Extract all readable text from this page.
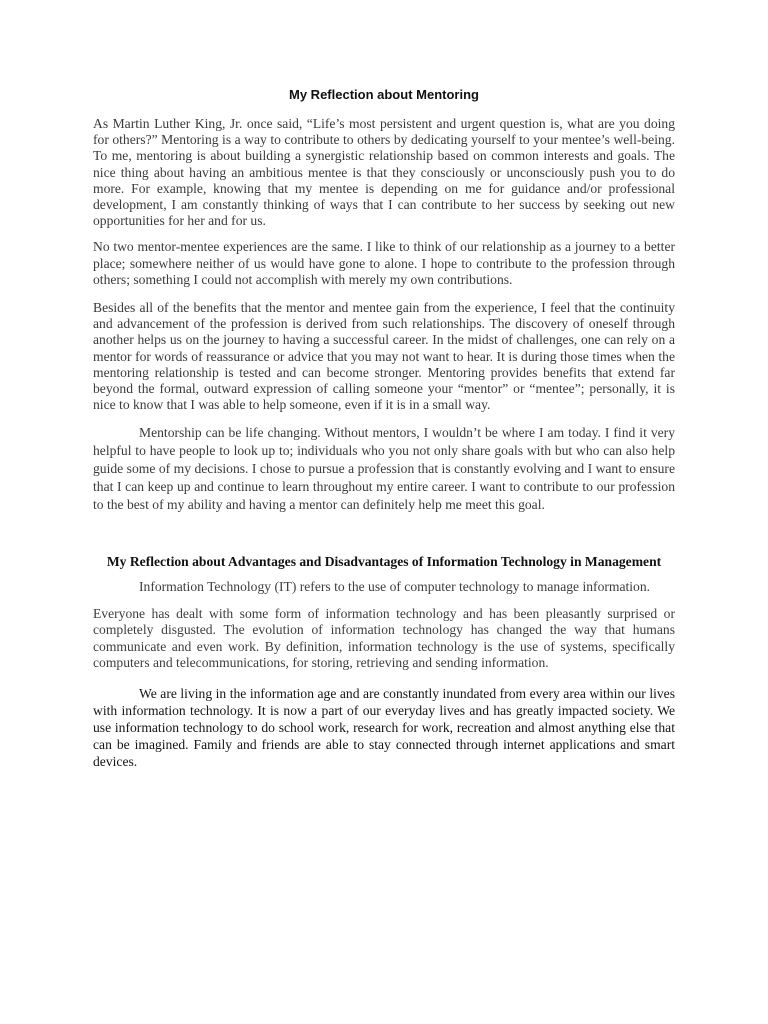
My Reflection about Mentoring

As Martin Luther King, Jr. once said, “Life’s most persistent and urgent question is, what are you doing for others?” Mentoring is a way to contribute to others by dedicating yourself to your mentee’s well-being. To me, mentoring is about building a synergistic relationship based on common interests and goals. The nice thing about having an ambitious mentee is that they consciously or unconsciously push you to do more. For example, knowing that my mentee is depending on me for guidance and/or professional development, I am constantly thinking of ways that I can contribute to her success by seeking out new opportunities for her and for us.

No two mentor-mentee experiences are the same. I like to think of our relationship as a journey to a better place; somewhere neither of us would have gone to alone. I hope to contribute to the profession through others; something I could not accomplish with merely my own contributions.

Besides all of the benefits that the mentor and mentee gain from the experience, I feel that the continuity and advancement of the profession is derived from such relationships. The discovery of oneself through another helps us on the journey to having a successful career. In the midst of challenges, one can rely on a mentor for words of reassurance or advice that you may not want to hear. It is during those times when the mentoring relationship is tested and can become stronger. Mentoring provides benefits that extend far beyond the formal, outward expression of calling someone your “mentor” or “mentee”; personally, it is nice to know that I was able to help someone, even if it is in a small way.

Mentorship can be life changing. Without mentors, I wouldn’t be where I am today. I find it very helpful to have people to look up to; individuals who you not only share goals with but who can also help guide some of my decisions. I chose to pursue a profession that is constantly evolving and I want to ensure that I can keep up and continue to learn throughout my entire career. I want to contribute to our profession to the best of my ability and having a mentor can definitely help me meet this goal.

My Reflection about Advantages and Disadvantages of Information Technology in Management

Information Technology (IT) refers to the use of computer technology to manage information.

Everyone has dealt with some form of information technology and has been pleasantly surprised or completely disgusted. The evolution of information technology has changed the way that humans communicate and even work. By definition, information technology is the use of systems, specifically computers and telecommunications, for storing, retrieving and sending information.

We are living in the information age and are constantly inundated from every area within our lives with information technology. It is now a part of our everyday lives and has greatly impacted society. We use information technology to do school work, research for work, recreation and almost anything else that can be imagined. Family and friends are able to stay connected through internet applications and smart devices.
